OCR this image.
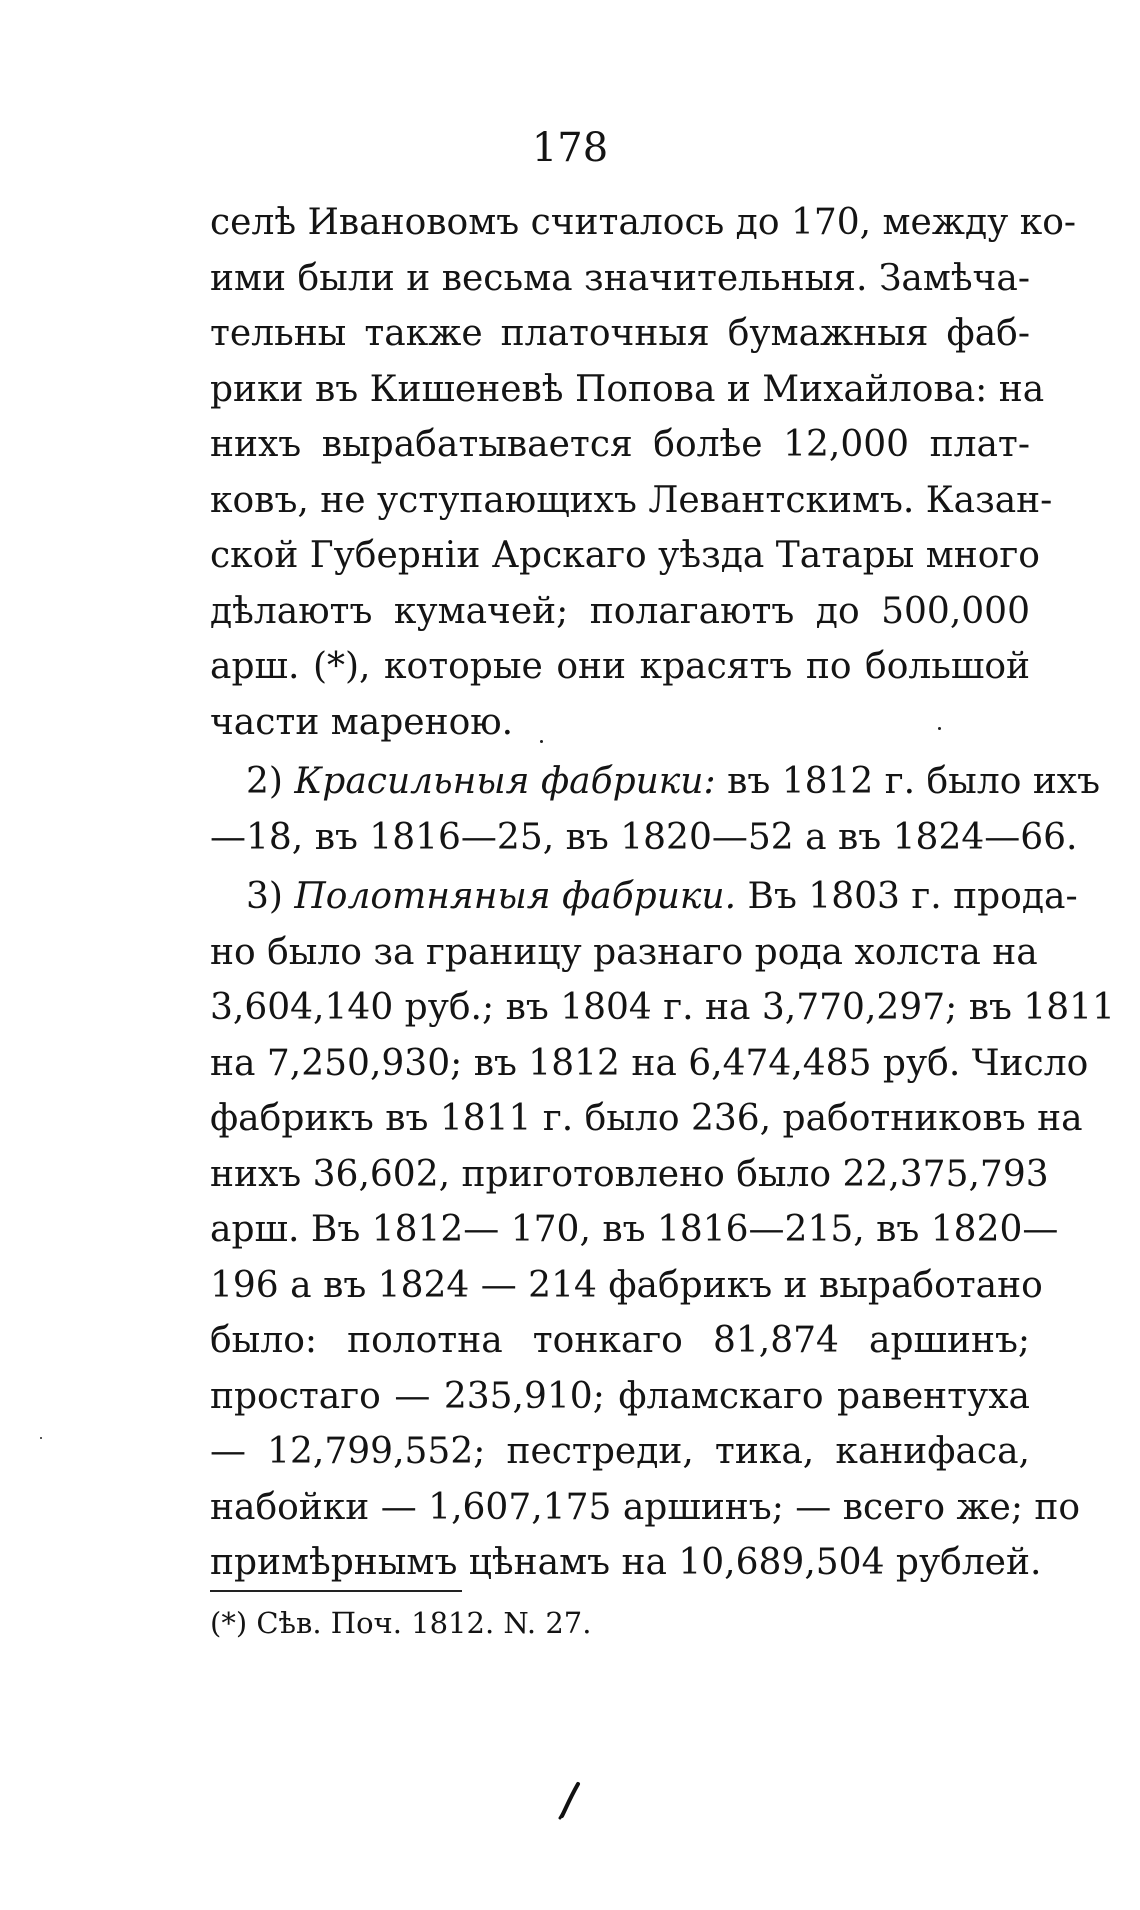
178
селѣ Ивановомъ считалось до 170, между ко-
ими были и весьма значительныя. Замѣча-
тельны также платочныя бумажныя фаб-
рики въ Кишеневѣ Попова и Михайлова: на
нихъ вырабатывается болѣе 12,000 плат-
ковъ, не уступающихъ Левантскимъ. Казан-
ской Губерніи Арскаго уѣзда Татары много
дѣлаютъ кумачей; полагаютъ до 500,000
арш. (*), которые они красятъ по большой
части мареною.
2) Красильныя фабрики: въ 1812 г. было ихъ
—18, въ 1816—25, въ 1820—52 а въ 1824—66.
3) Полотняныя фабрики. Въ 1803 г. прода-
но было за границу разнаго рода холста на
3,604,140 руб.; въ 1804 г. на 3,770,297; въ 1811
на 7,250,930; въ 1812 на 6,474,485 руб. Число
фабрикъ въ 1811 г. было 236, работниковъ на
нихъ 36,602, приготовлено было 22,375,793
арш. Въ 1812— 170, въ 1816—215, въ 1820—
196 а въ 1824 — 214 фабрикъ и выработано
было: полотна тонкаго 81,874 аршинъ;
простаго — 235,910; фламскаго равентуха
— 12,799,552; пестреди, тика, канифаса,
набойки — 1,607,175 аршинъ; — всего же; по
примѣрнымъ цѣнамъ на 10,689,504 рублей.
(*) Сѣв. Поч. 1812. N. 27.
